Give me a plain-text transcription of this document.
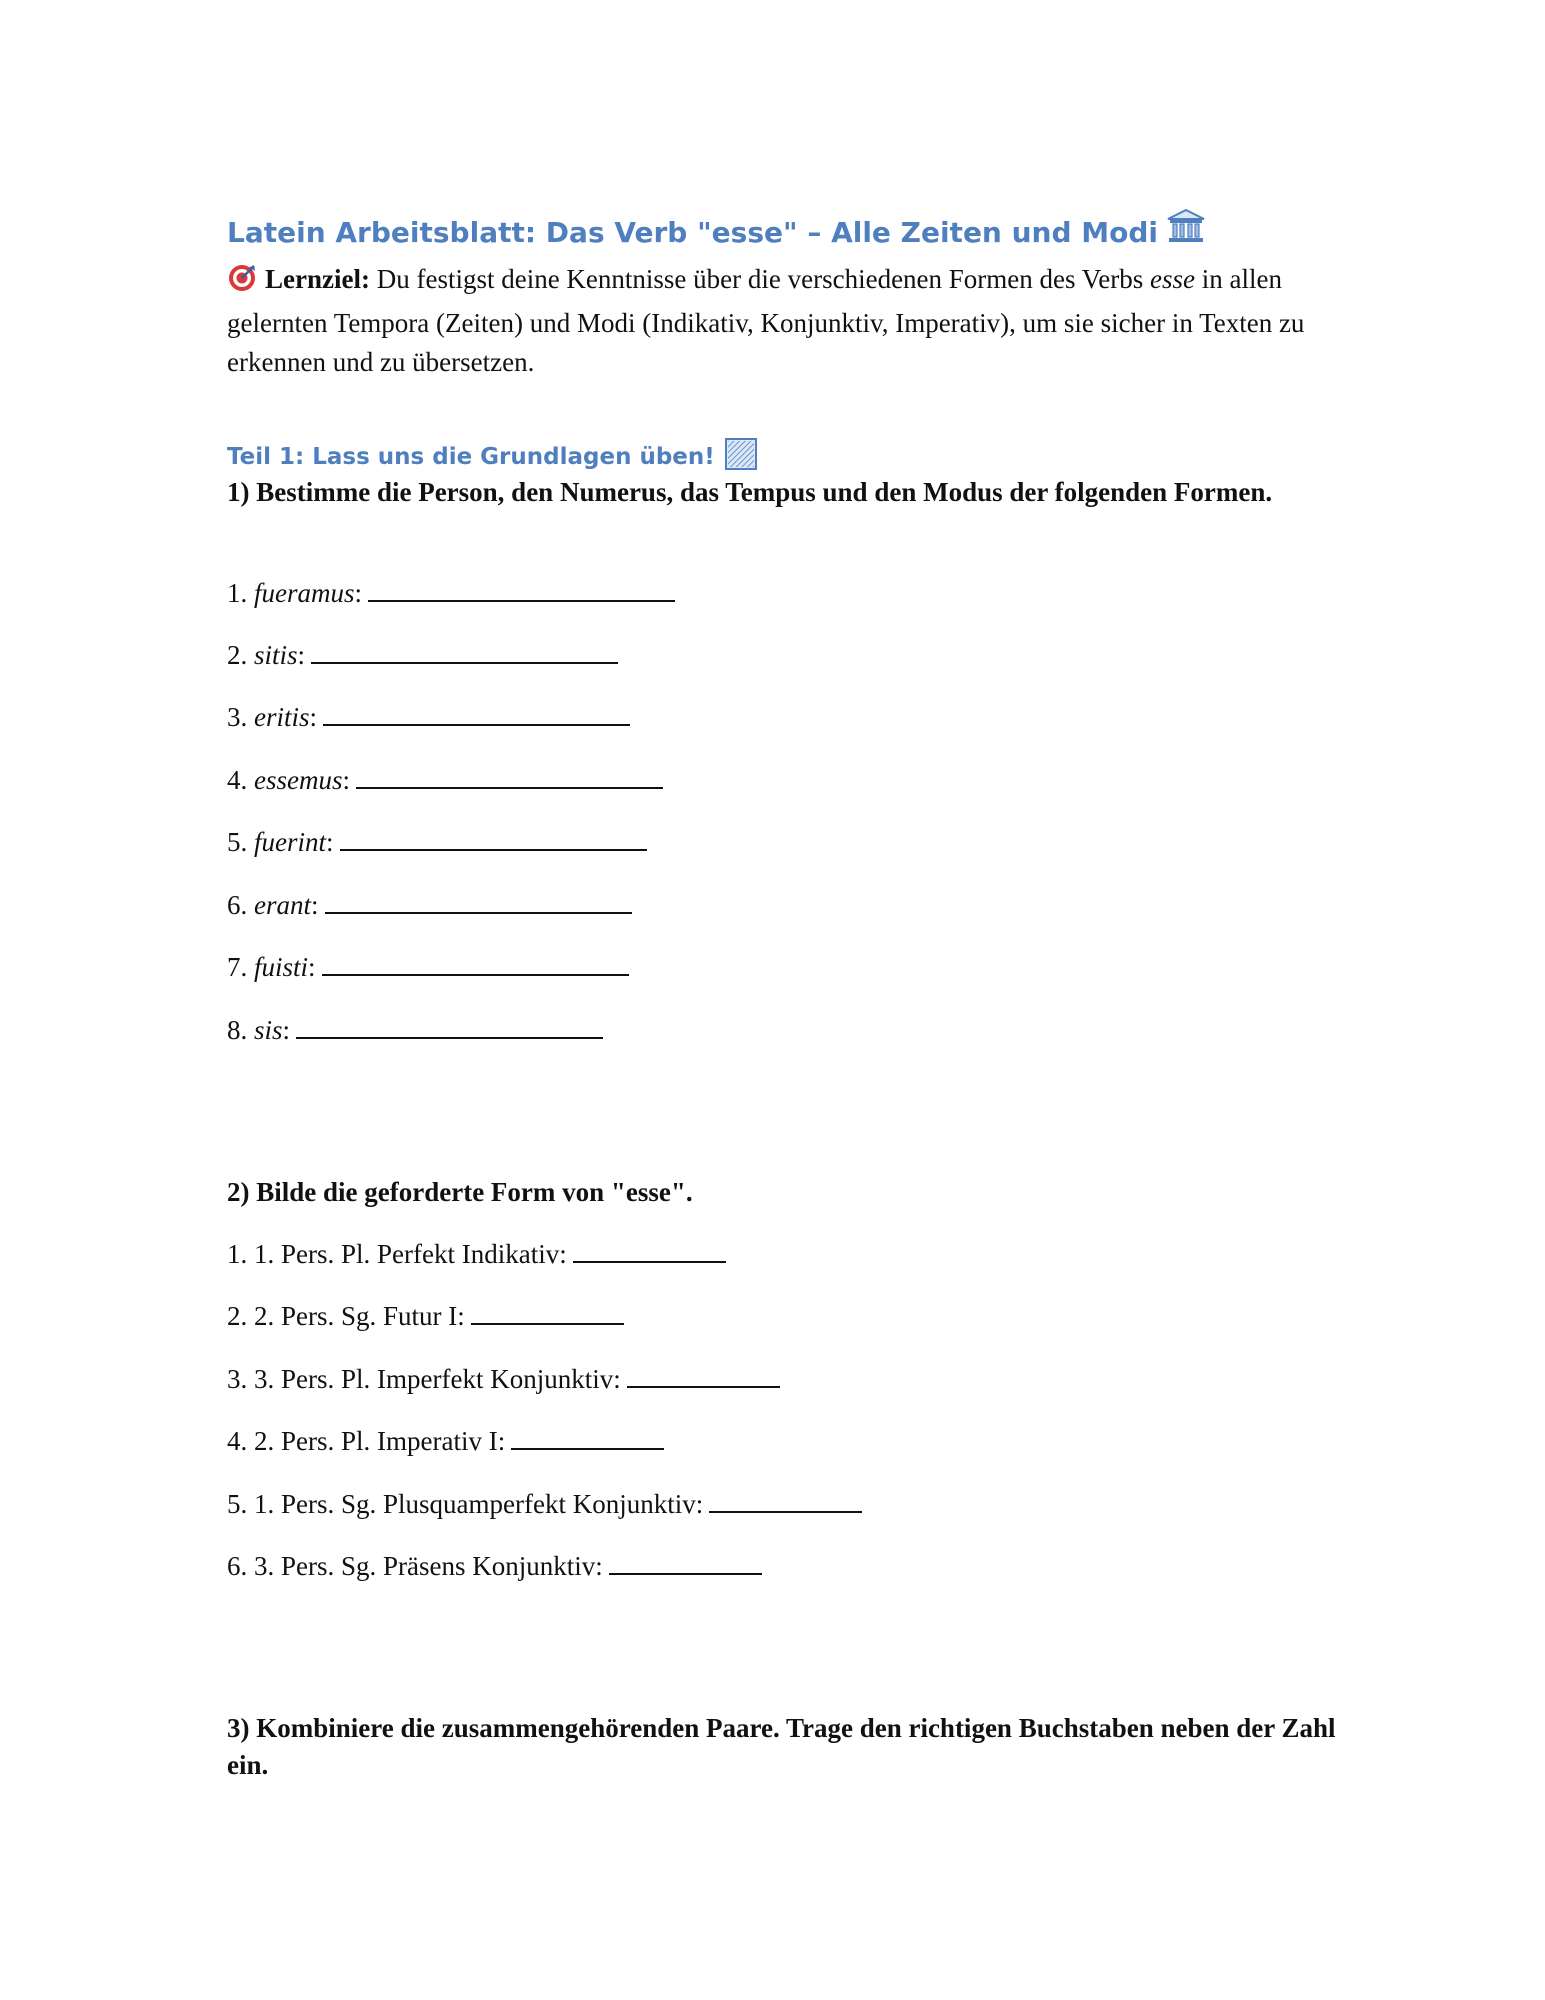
Latein Arbeitsblatt: Das Verb "esse" – Alle Zeiten und Modi

Lernziel: Du festigst deine Kenntnisse über die verschiedenen Formen des Verbs esse in allen gelernten Tempora (Zeiten) und Modi (Indikativ, Konjunktiv, Imperativ), um sie sicher in Texten zu erkennen und zu übersetzen.

Teil 1: Lass uns die Grundlagen üben!

1) Bestimme die Person, den Numerus, das Tempus und den Modus der folgenden Formen.

1. fueramus:
2. sitis:
3. eritis:
4. essemus:
5. fuerint:
6. erant:
7. fuisti:
8. sis:

2) Bilde die geforderte Form von "esse".

1. 1. Pers. Pl. Perfekt Indikativ:
2. 2. Pers. Sg. Futur I:
3. 3. Pers. Pl. Imperfekt Konjunktiv:
4. 2. Pers. Pl. Imperativ I:
5. 1. Pers. Sg. Plusquamperfekt Konjunktiv:
6. 3. Pers. Sg. Präsens Konjunktiv:

3) Kombiniere die zusammengehörenden Paare. Trage den richtigen Buchstaben neben der Zahl ein.
